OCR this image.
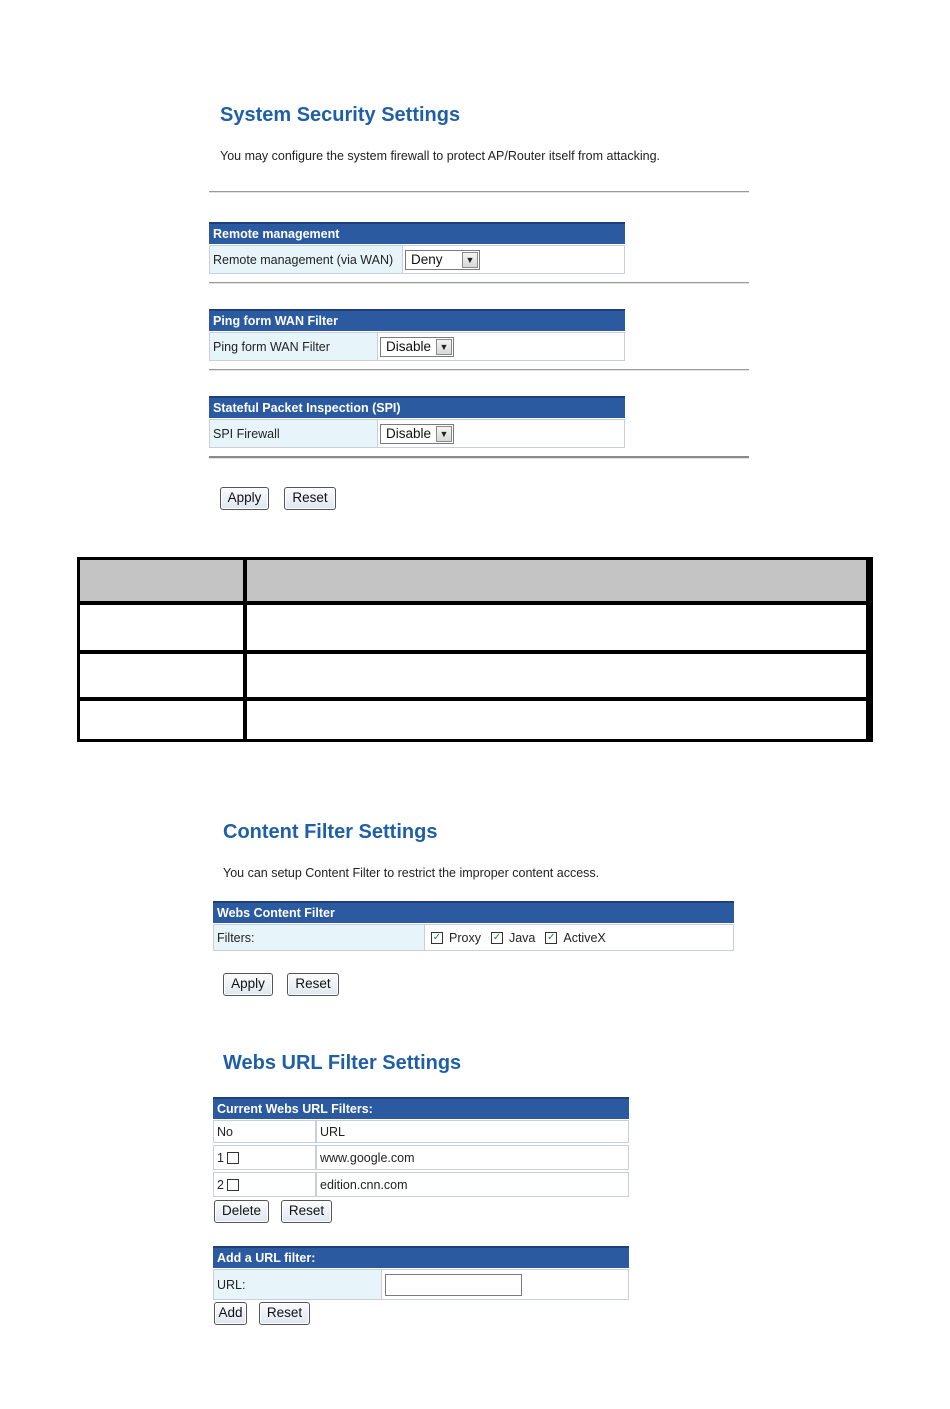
System Security Settings
You may configure the system firewall to protect AP/Router itself from attacking.
Remote management
Remote management (via WAN)	Deny	▼
Ping form WAN Filter
Ping form WAN Filter	Disable ▼
Stateful Packet Inspection (SPI)
SPI Firewall	Disable ▼
Apply	Reset
Content Filter Settings
You can setup Content Filter to restrict the improper content access.
Webs Content Filter
Filters:	✓ Proxy ✓ Java ✓ ActiveX
Apply	Reset
Webs URL Filter Settings
Current Webs URL Filters:
No	URL
1	www.google.com
2	edition.cnn.com
Delete	Reset
Add a URL filter:
URL:
Add	Reset
